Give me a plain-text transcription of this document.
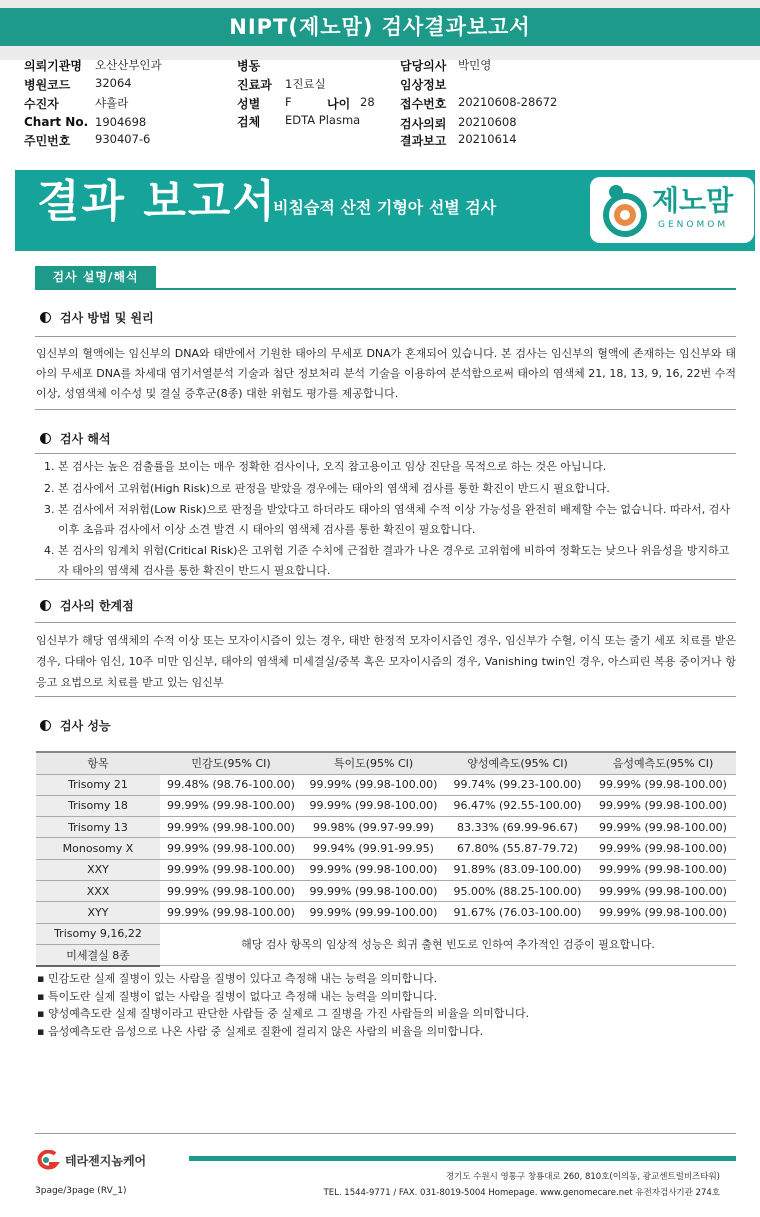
NIPT(제노맘) 검사결과보고서
의뢰기관명 오산산부인과
병원코드 32064
수진자	샤흘라
Chart No. 1904698
주민번호 930407-6
병동
진료과 1진료실
성별 F	나이 28
검체 EDTA Plasma
담당의사 박민영
임상정보
접수번호 20210608-28672
검사의뢰 20210608
결과보고 20210614
결과 보고서
비침습적 산전 기형아 선별 검사	제노맘
GENOMOM
검사 설명/해석
검사 방법 및 원리
임신부의 혈액에는 임신부의 DNA와 태반에서 기원한 태아의 무세포 DNA가 혼재되어 있습니다. 본 검사는 임신부의 혈액에 존재하는 임신부와 태아의 무세포 DNA를 차세대 염기서열분석 기술과 첨단 정보처리 분석 기술을 이용하여 분석함으로써 태아의 염색체 21, 18, 13, 9, 16, 22번 수적 이상, 성염색체 이수성 및 결실 증후군(8종) 대한 위험도 평가를 제공합니다.
검사 해석
1. 본 검사는 높은 검출률을 보이는 매우 정확한 검사이나, 오직 참고용이고 임상 진단을 목적으로 하는 것은 아닙니다.
2. 본 검사에서 고위험(High Risk)으로 판정을 받았을 경우에는 태아의 염색체 검사를 통한 확진이 반드시 필요합니다.
3. 본 검사에서 저위험(Low Risk)으로 판정을 받았다고 하더라도 태아의 염색체 수적 이상 가능성을 완전히 배제할 수는 없습니다. 따라서, 검사 이후 초음파 검사에서 이상 소견 발견 시 태아의 염색체 검사를 통한 확진이 필요합니다.
4. 본 검사의 임계치 위험(Critical Risk)은 고위험 기준 수치에 근접한 결과가 나온 경우로 고위험에 비하여 정확도는 낮으나 위음성을 방지하고자 태아의 염색체 검사를 통한 확진이 반드시 필요합니다.
검사의 한계점
임신부가 해당 염색체의 수적 이상 또는 모자이시즘이 있는 경우, 태반 한정적 모자이시즘인 경우, 임신부가 수혈, 이식 또는 줄기 세포 치료를 받은 경우, 다태아 임신, 10주 미만 임신부, 태아의 염색체 미세결실/중복 혹은 모자이시즘의 경우, Vanishing twin인 경우, 아스피린 복용 중이거나 항 응고 요법으로 치료를 받고 있는 임신부
검사 성능
항목	민감도(95% CI)	특이도(95% CI)	양성예측도(95% CI)	음성예측도(95% CI)
Trisomy 21	99.48% (98.76-100.00)	99.99% (99.98-100.00)	99.74% (99.23-100.00)	99.99% (99.98-100.00)
Trisomy 18	99.99% (99.98-100.00)	99.99% (99.98-100.00)	96.47% (92.55-100.00)	99.99% (99.98-100.00)
Trisomy 13	99.99% (99.98-100.00)	99.98% (99.97-99.99)	83.33% (69.99-96.67)	99.99% (99.98-100.00)
Monosomy X	99.99% (99.98-100.00)	99.94% (99.91-99.95)	67.80% (55.87-79.72)	99.99% (99.98-100.00)
XXY	99.99% (99.98-100.00)	99.99% (99.98-100.00)	91.89% (83.09-100.00)	99.99% (99.98-100.00)
XXX	99.99% (99.98-100.00)	99.99% (99.98-100.00)	95.00% (88.25-100.00)	99.99% (99.98-100.00)
XYY	99.99% (99.98-100.00)	99.99% (99.99-100.00)	91.67% (76.03-100.00)	99.99% (99.98-100.00)
Trisomy 9,16,22	해당 검사 항목의 임상적 성능은 희귀 출현 빈도로 인하여 추가적인 검증이 필요합니다.			
미세결실 8종				
▪ 민감도란 실제 질병이 있는 사람을 질병이 있다고 측정해 내는 능력을 의미합니다.
▪ 특이도란 실제 질병이 없는 사람을 질병이 없다고 측정해 내는 능력을 의미합니다.
▪ 양성예측도란 실제 질병이라고 판단한 사람들 중 실제로 그 질병을 가진 사람들의 비율을 의미합니다.
▪ 음성예측도란 음성으로 나온 사람 중 실제로 질환에 걸리지 않은 사람의 비율을 의미합니다.
테라젠지놈케어
경기도 수원시 영통구 창룡대로 260, 810호(이의동, 광교센트럴비즈타워)
TEL. 1544-9771 / FAX. 031-8019-5004 Homepage. www.genomecare.net 유전자검사기관 274호
3page/3page (RV_1)
